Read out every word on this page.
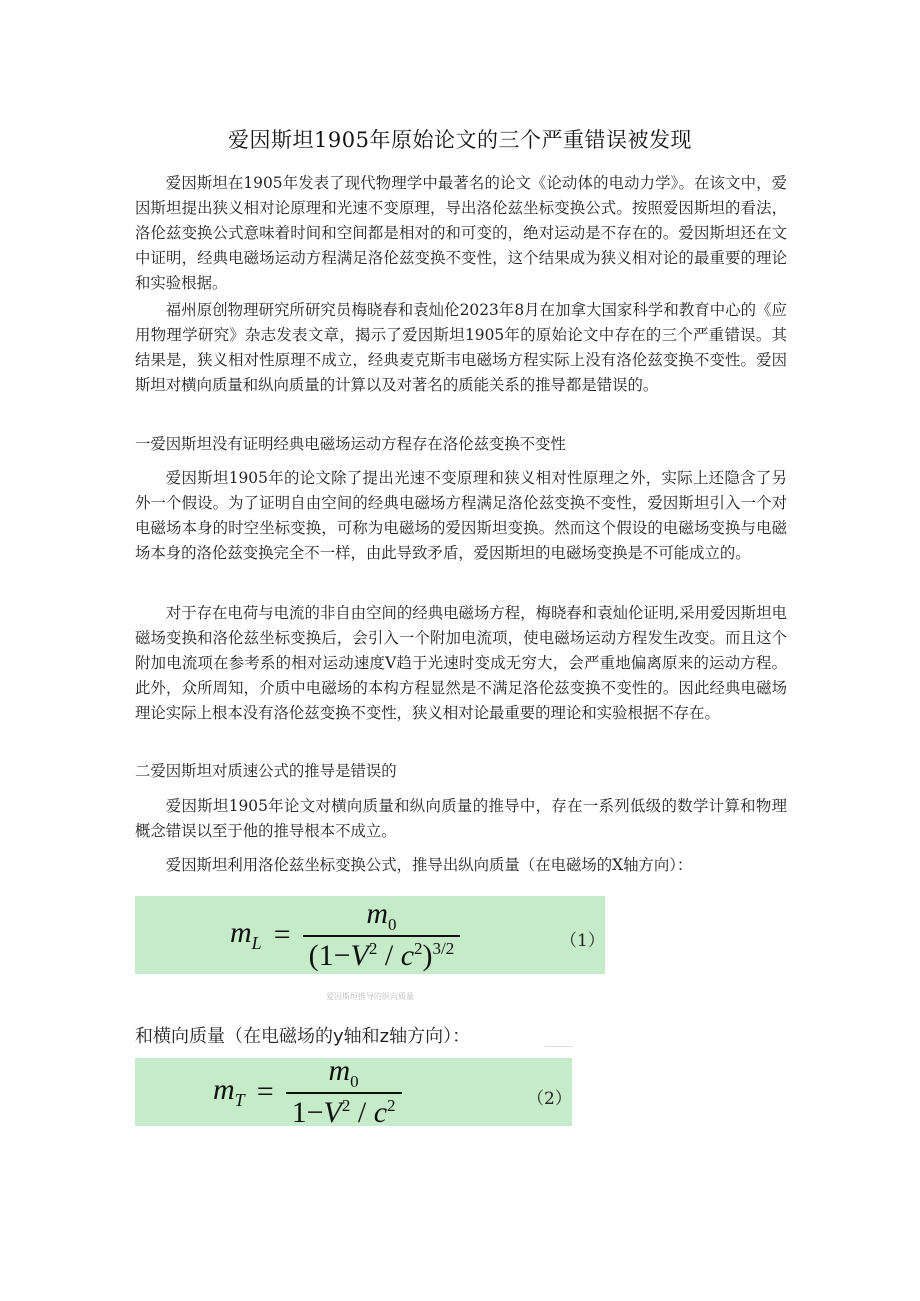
爱因斯坦1905年原始论文的三个严重错误被发现

爱因斯坦在1905年发表了现代物理学中最著名的论文《论动体的电动力学》。在该文中，爱因斯坦提出狭义相对论原理和光速不变原理，导出洛伦兹坐标变换公式。按照爱因斯坦的看法，洛伦兹变换公式意味着时间和空间都是相对的和可变的，绝对运动是不存在的。爱因斯坦还在文中证明，经典电磁场运动方程满足洛伦兹变换不变性，这个结果成为狭义相对论的最重要的理论和实验根据。

福州原创物理研究所研究员梅晓春和袁灿伦2023年8月在加拿大国家科学和教育中心的《应用物理学研究》杂志发表文章，揭示了爱因斯坦1905年的原始论文中存在的三个严重错误。其结果是，狭义相对性原理不成立，经典麦克斯韦电磁场方程实际上没有洛伦兹变换不变性。爱因斯坦对横向质量和纵向质量的计算以及对著名的质能关系的推导都是错误的。

一爱因斯坦没有证明经典电磁场运动方程存在洛伦兹变换不变性

爱因斯坦1905年的论文除了提出光速不变原理和狭义相对性原理之外，实际上还隐含了另外一个假设。为了证明自由空间的经典电磁场方程满足洛伦兹变换不变性，爱因斯坦引入一个对电磁场本身的时空坐标变换，可称为电磁场的爱因斯坦变换。然而这个假设的电磁场变换与电磁场本身的洛伦兹变换完全不一样，由此导致矛盾，爱因斯坦的电磁场变换是不可能成立的。

对于存在电荷与电流的非自由空间的经典电磁场方程，梅晓春和袁灿伦证明,采用爱因斯坦电磁场变换和洛伦兹坐标变换后，会引入一个附加电流项，使电磁场运动方程发生改变。而且这个附加电流项在参考系的相对运动速度V趋于光速时变成无穷大，会严重地偏离原来的运动方程。此外，众所周知，介质中电磁场的本构方程显然是不满足洛伦兹变换不变性的。因此经典电磁场理论实际上根本没有洛伦兹变换不变性，狭义相对论最重要的理论和实验根据不存在。

二爱因斯坦对质速公式的推导是错误的

爱因斯坦1905年论文对横向质量和纵向质量的推导中，存在一系列低级的数学计算和物理概念错误以至于他的推导根本不成立。

爱因斯坦利用洛伦兹坐标变换公式，推导出纵向质量（在电磁场的X轴方向）：

$m_L = \frac{m_0}{(1-V^2 / c^2)^{3/2}}$	（1）
爱因斯坦推导的纵向质量
和横向质量（在电磁场的y轴和z轴方向）：
$m_T = \frac{m_0}{1-V^2 / c^2}$	（2）
